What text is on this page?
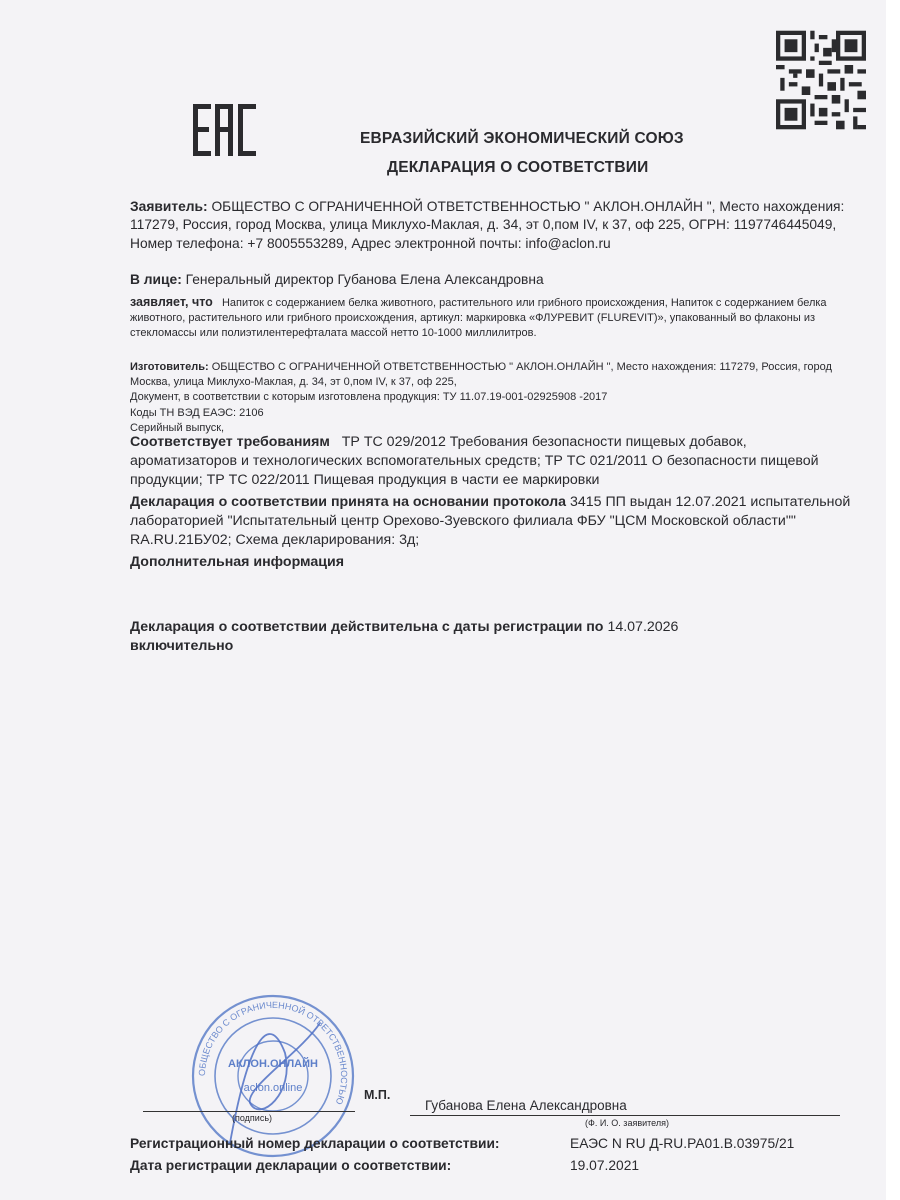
ЕВРАЗИЙСКИЙ ЭКОНОМИЧЕСКИЙ СОЮЗ
ДЕКЛАРАЦИЯ О СООТВЕТСТВИИ
Заявитель: ОБЩЕСТВО С ОГРАНИЧЕННОЙ ОТВЕТСТВЕННОСТЬЮ " АКЛОН.ОНЛАЙН ", Место нахождения: 117279, Россия, город Москва, улица Миклухо-Маклая, д. 34, эт 0,пом IV, к 37, оф 225, ОГРН: 1197746445049, Номер телефона: +7 8005553289, Адрес электронной почты: info@aclon.ru
В лице: Генеральный директор Губанова Елена Александровна
заявляет, что Напиток с содержанием белка животного, растительного или грибного происхождения, Напиток с содержанием белка животного, растительного или грибного происхождения, артикул: маркировка «ФЛУРЕВИТ (FLUREVIT)», упакованный во флаконы из стекломассы или полиэтилентерефталата массой нетто 10-1000 миллилитров.
Изготовитель: ОБЩЕСТВО С ОГРАНИЧЕННОЙ ОТВЕТСТВЕННОСТЬЮ " АКЛОН.ОНЛАЙН ", Место нахождения: 117279, Россия, город Москва, улица Миклухо-Маклая, д. 34, эт 0,пом IV, к 37, оф 225,
Документ, в соответствии с которым изготовлена продукция: ТУ 11.07.19-001-02925908 -2017
Коды ТН ВЭД ЕАЭС: 2106
Серийный выпуск,
Соответствует требованиям ТР ТС 029/2012 Требования безопасности пищевых добавок, ароматизаторов и технологических вспомогательных средств; ТР ТС 021/2011 О безопасности пищевой продукции; ТР ТС 022/2011 Пищевая продукция в части ее маркировки
Декларация о соответствии принята на основании протокола 3415 ПП выдан 12.07.2021 испытательной лабораторией "Испытательный центр Орехово-Зуевского филиала ФБУ "ЦСМ Московской области"" RA.RU.21БУ02; Схема декларирования: 3д;
Дополнительная информация
Декларация о соответствии действительна с даты регистрации по 14.07.2026 включительно
ОБЩЕСТВО С ОГРАНИЧЕННОЙ ОТВЕТСТВЕННОСТЬЮ
АКЛОН.ОНЛАЙН
aclon.online	М.П.
Губанова Елена Александровна
(подпись)	(Ф. И. О. заявителя)
Регистрационный номер декларации о соответствии:	ЕАЭС N RU Д-RU.РА01.В.03975/21
Дата регистрации декларации о соответствии:	19.07.2021
